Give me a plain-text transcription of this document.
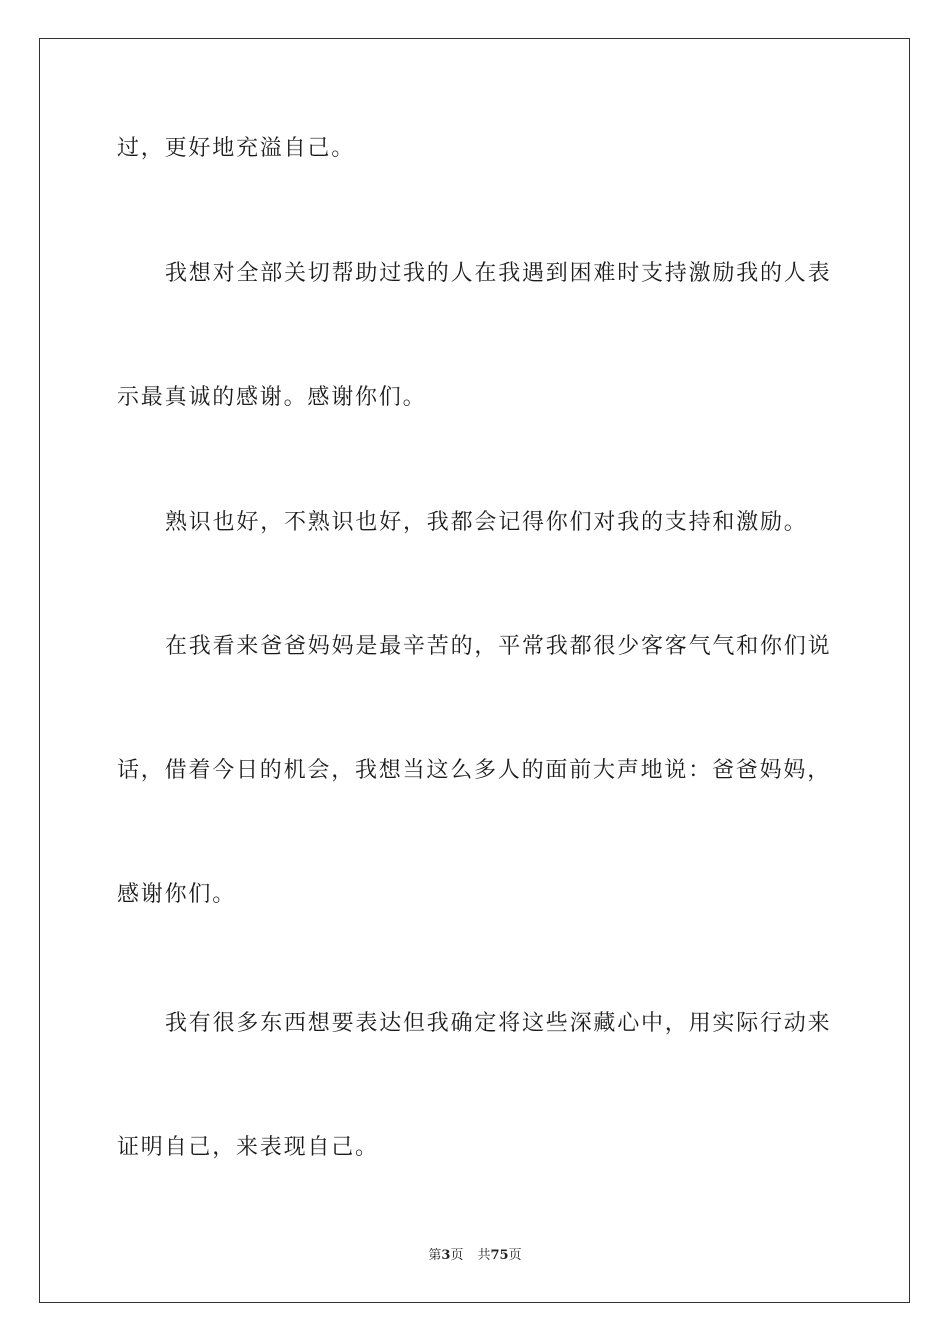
过，更好地充溢自己。
我想对全部关切帮助过我的人在我遇到困难时支持激励我的人表
示最真诚的感谢。感谢你们。
熟识也好，不熟识也好，我都会记得你们对我的支持和激励。
在我看来爸爸妈妈是最辛苦的，平常我都很少客客气气和你们说
话，借着今日的机会，我想当这么多人的面前大声地说：爸爸妈妈，
感谢你们。
我有很多东西想要表达但我确定将这些深藏心中，用实际行动来
证明自己，来表现自己。
第3页 共75页
